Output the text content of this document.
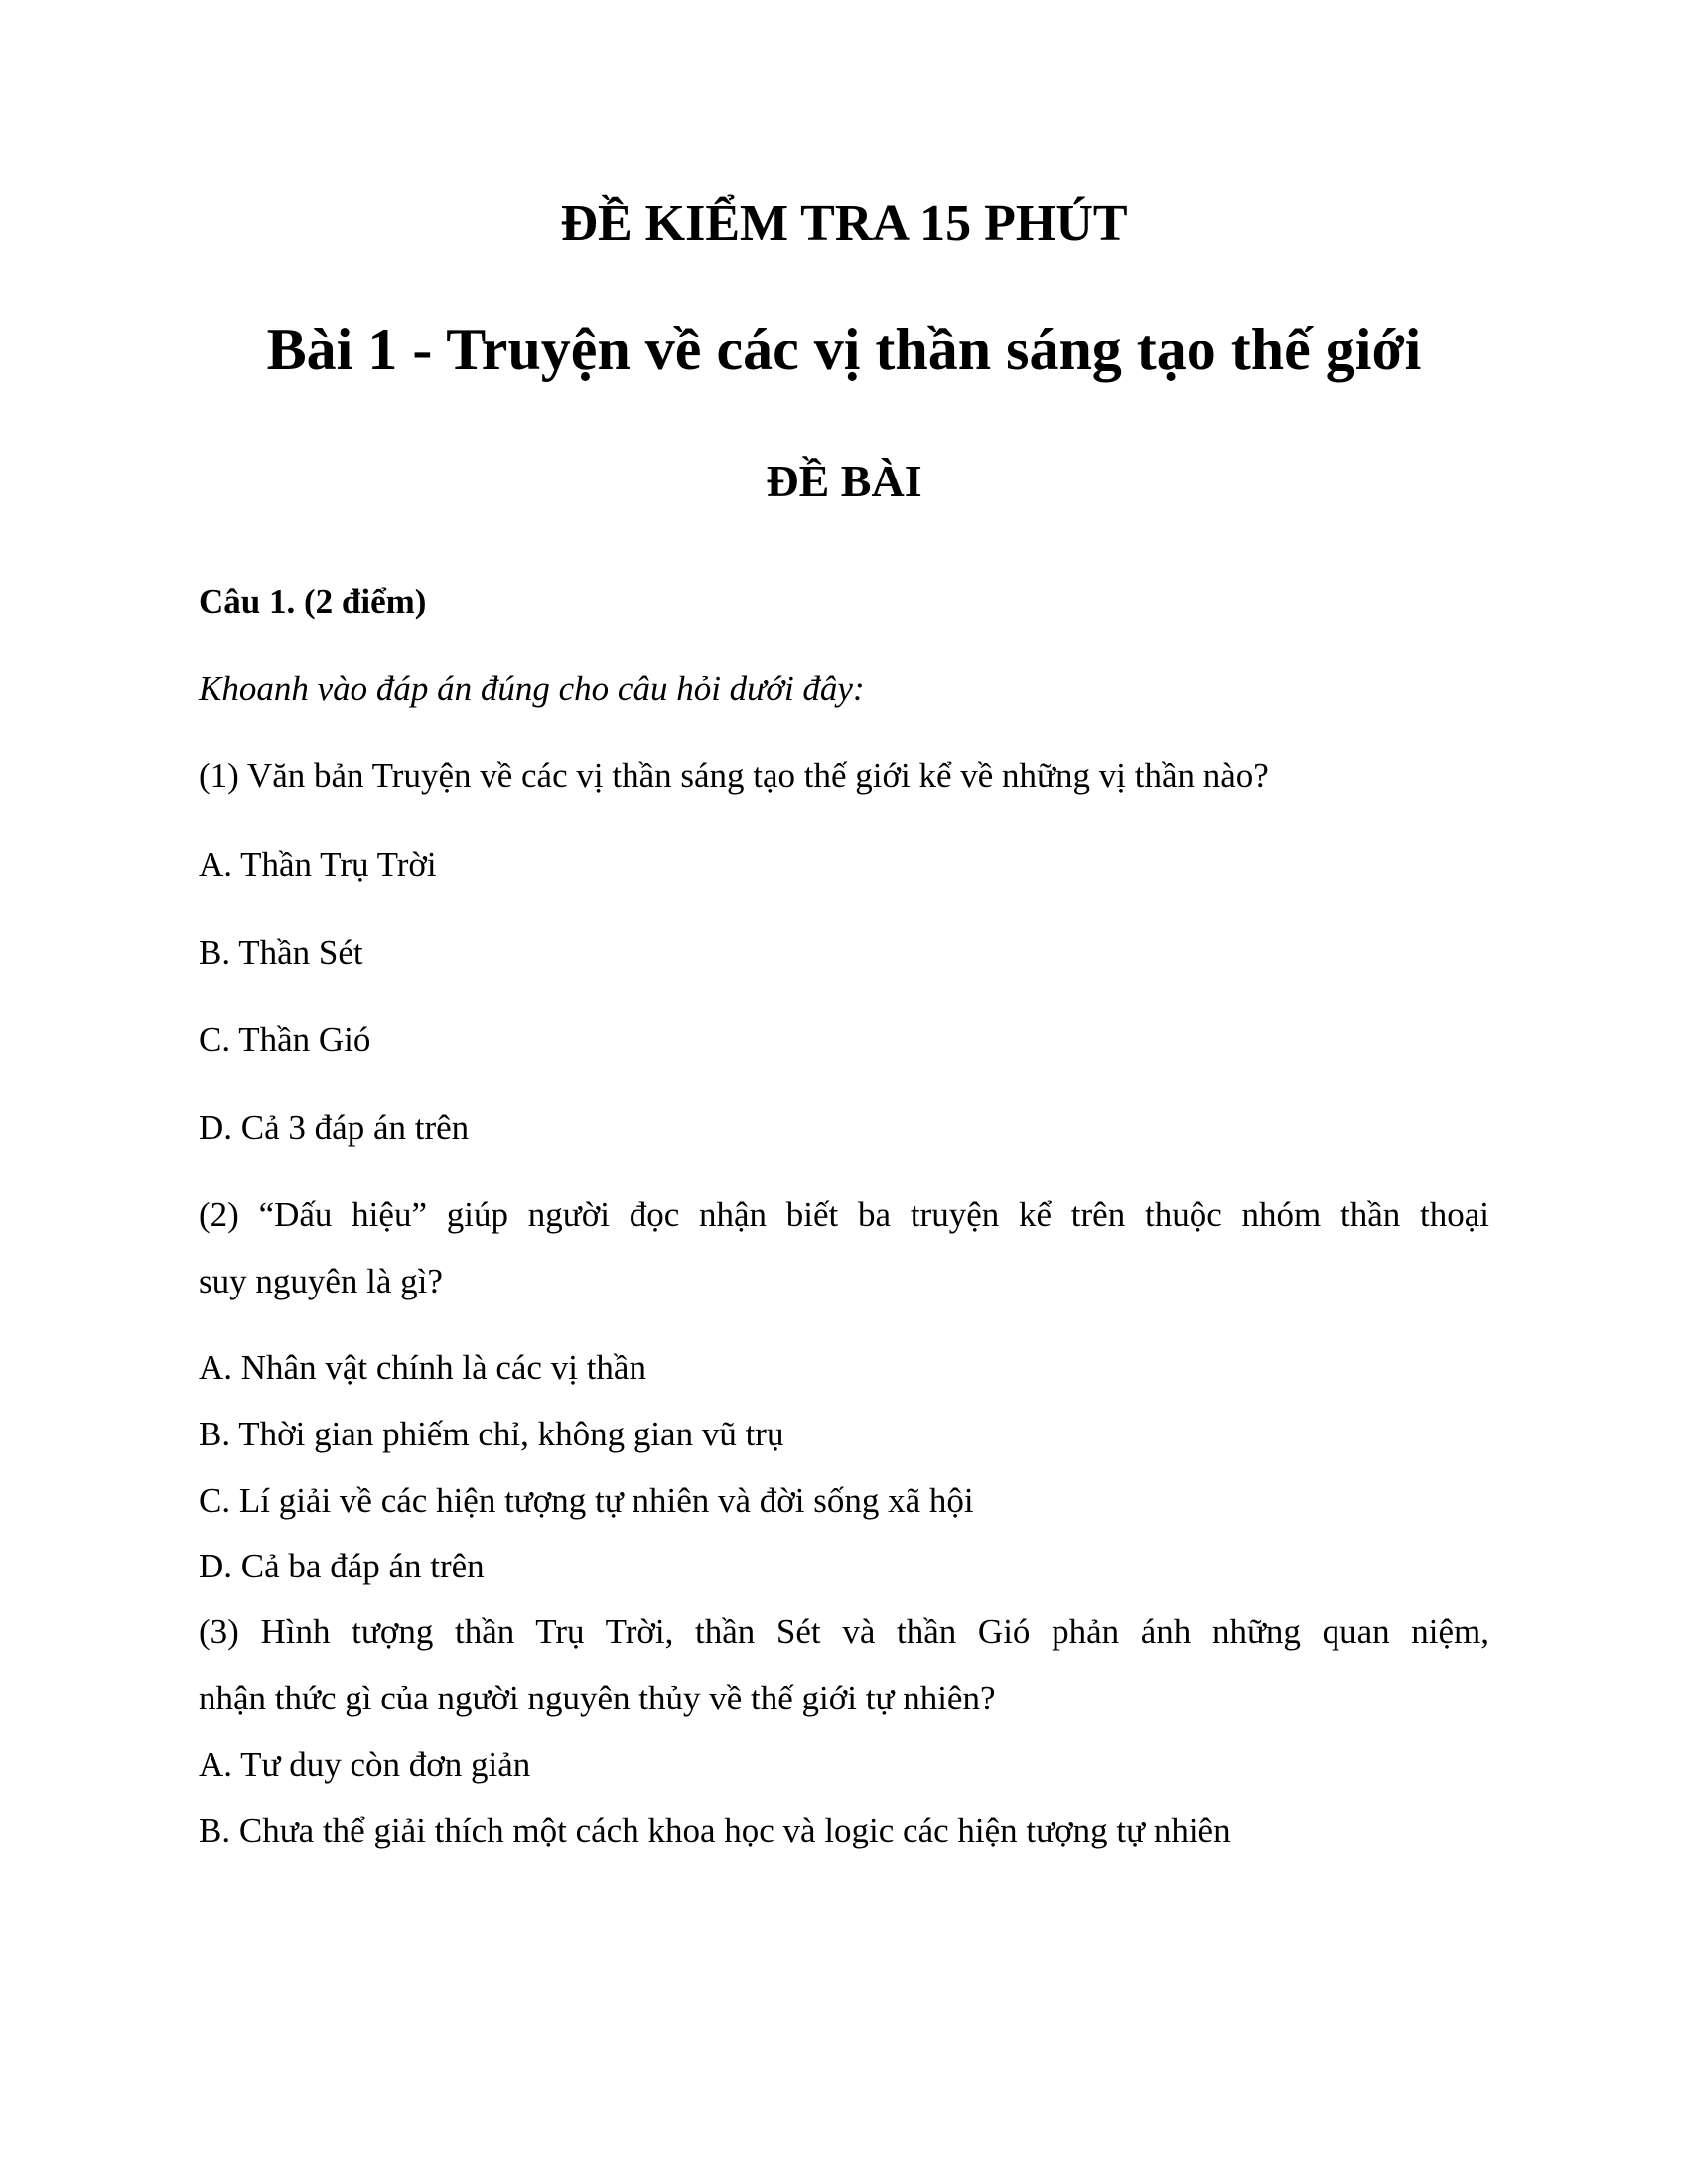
ĐỀ KIỂM TRA 15 PHÚT
Bài 1 - Truyện về các vị thần sáng tạo thế giới
ĐỀ BÀI
Câu 1. (2 điểm)
Khoanh vào đáp án đúng cho câu hỏi dưới đây:
(1) Văn bản Truyện về các vị thần sáng tạo thế giới kể về những vị thần nào?
A. Thần Trụ Trời
B. Thần Sét
C. Thần Gió
D. Cả 3 đáp án trên
(2) “Dấu hiệu” giúp người đọc nhận biết ba truyện kể trên thuộc nhóm thần thoại
suy nguyên là gì?
A. Nhân vật chính là các vị thần
B. Thời gian phiếm chỉ, không gian vũ trụ
C. Lí giải về các hiện tượng tự nhiên và đời sống xã hội
D. Cả ba đáp án trên
(3) Hình tượng thần Trụ Trời, thần Sét và thần Gió phản ánh những quan niệm,
nhận thức gì của người nguyên thủy về thế giới tự nhiên?
A. Tư duy còn đơn giản
B. Chưa thể giải thích một cách khoa học và logic các hiện tượng tự nhiên
